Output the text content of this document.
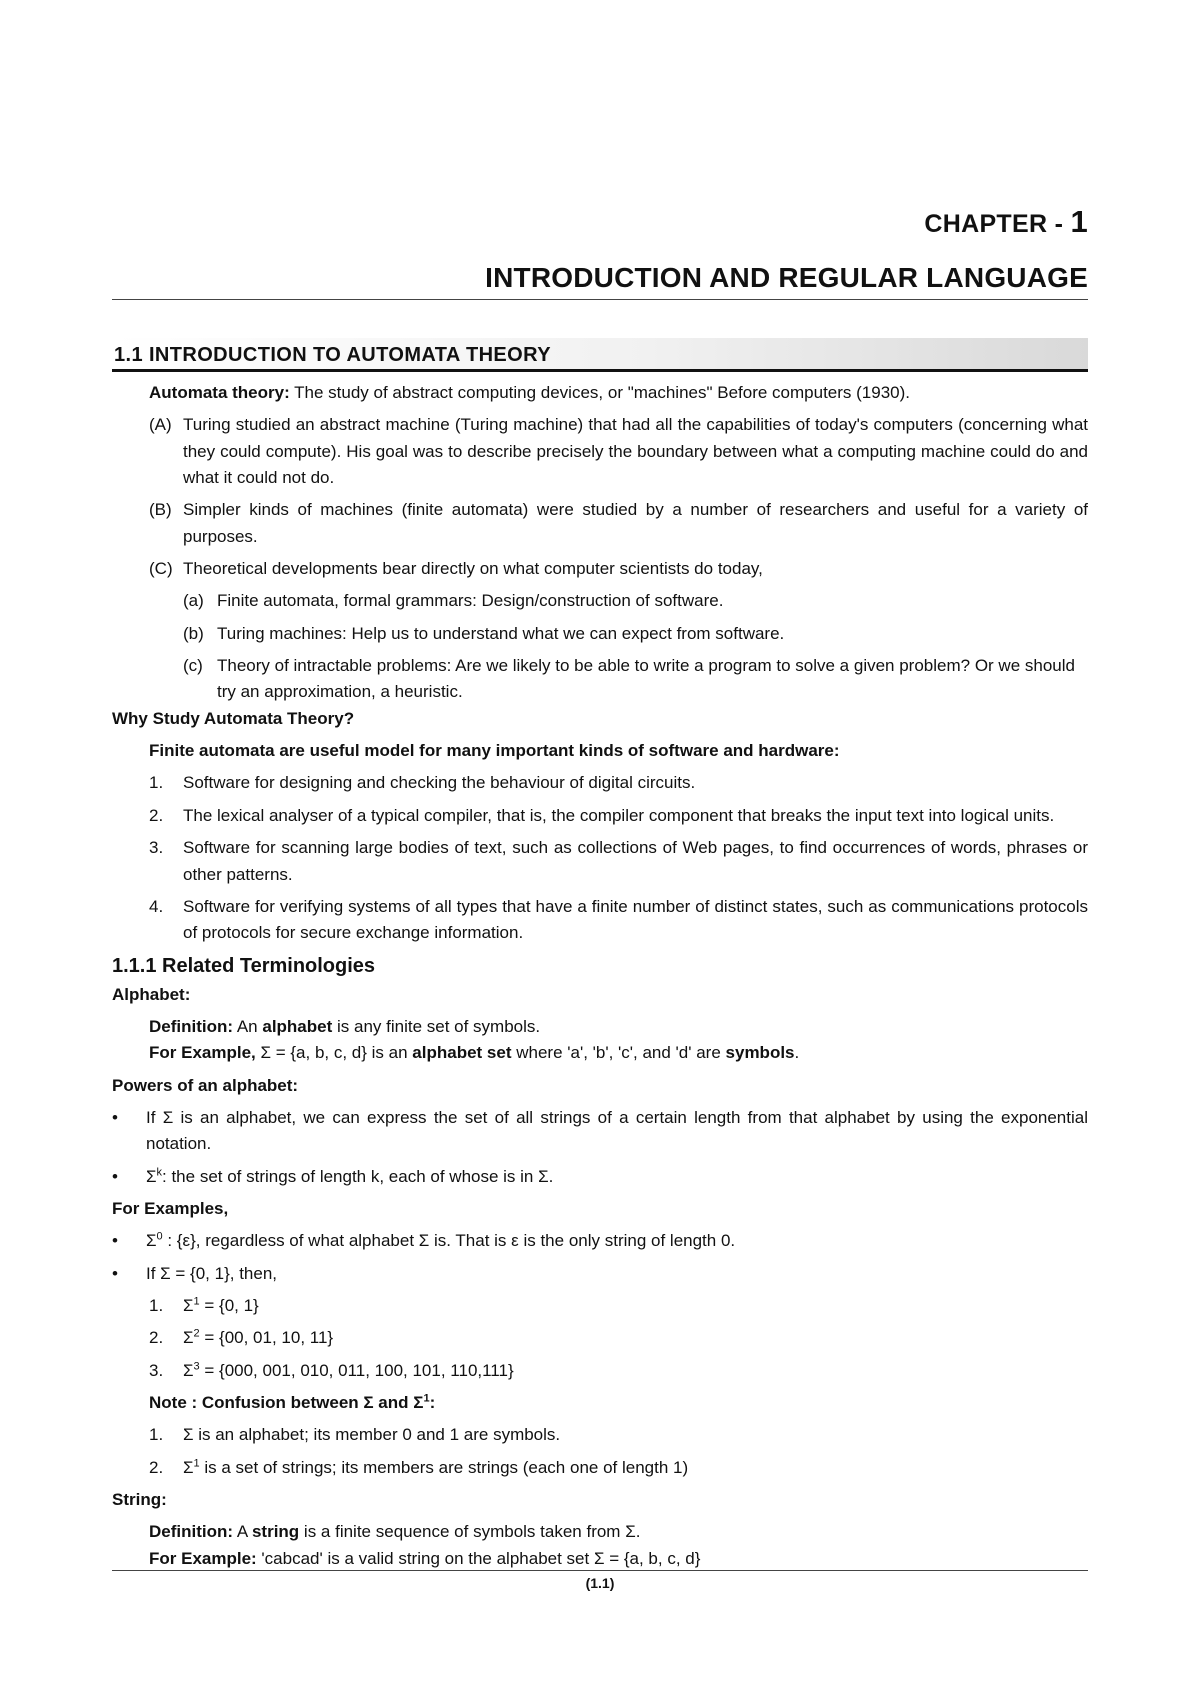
CHAPTER - 1
INTRODUCTION AND REGULAR LANGUAGE
1.1 INTRODUCTION TO AUTOMATA THEORY

Automata theory: The study of abstract computing devices, or "machines" Before computers (1930).

(A) Turing studied an abstract machine (Turing machine) that had all the capabilities of today's computers (concerning what they could compute). His goal was to describe precisely the boundary between what a computing machine could do and what it could not do.
(B) Simpler kinds of machines (finite automata) were studied by a number of researchers and useful for a variety of purposes.
(C) Theoretical developments bear directly on what computer scientists do today,
(a) Finite automata, formal grammars: Design/construction of software.
(b) Turing machines: Help us to understand what we can expect from software.
(c) Theory of intractable problems: Are we likely to be able to write a program to solve a given problem? Or we should try an approximation, a heuristic.

Why Study Automata Theory?

Finite automata are useful model for many important kinds of software and hardware:

1.	Software for designing and checking the behaviour of digital circuits.
2.	The lexical analyser of a typical compiler, that is, the compiler component that breaks the input text into logical units.
3.	Software for scanning large bodies of text, such as collections of Web pages, to find occurrences of words, phrases or other patterns.
4.	Software for verifying systems of all types that have a finite number of distinct states, such as communications protocols of protocols for secure exchange information.

1.1.1 Related Terminologies

Alphabet:

Definition: An alphabet is any finite set of symbols.

For Example, Σ = {a, b, c, d} is an alphabet set where 'a', 'b', 'c', and 'd' are symbols.

Powers of an alphabet:

•	If Σ is an alphabet, we can express the set of all strings of a certain length from that alphabet by using the exponential notation.
•	$\Sigma^k$: the set of strings of length k, each of whose is in Σ.

For Examples,

•	$\Sigma^0$ : {ε}, regardless of what alphabet Σ is. That is ε is the only string of length 0.
•	If Σ = {0, 1}, then,
1.	$\Sigma^1 = \{0$, 1}
2.	$\Sigma^2 = \{00$, 01, 10, 11}
3.	$\Sigma^3 = \{000$, 001, 010, 011, 100, 101, 110,111}

Note : Confusion between Σ and $\Sigma^1$:

1.	Σ is an alphabet; its member 0 and 1 are symbols.
2.	$\Sigma^1$ is a set of strings; its members are strings (each one of length 1)

String:

Definition: A string is a finite sequence of symbols taken from Σ.

For Example: 'cabcad' is a valid string on the alphabet set Σ = {a, b, c, d}

(1.1)
